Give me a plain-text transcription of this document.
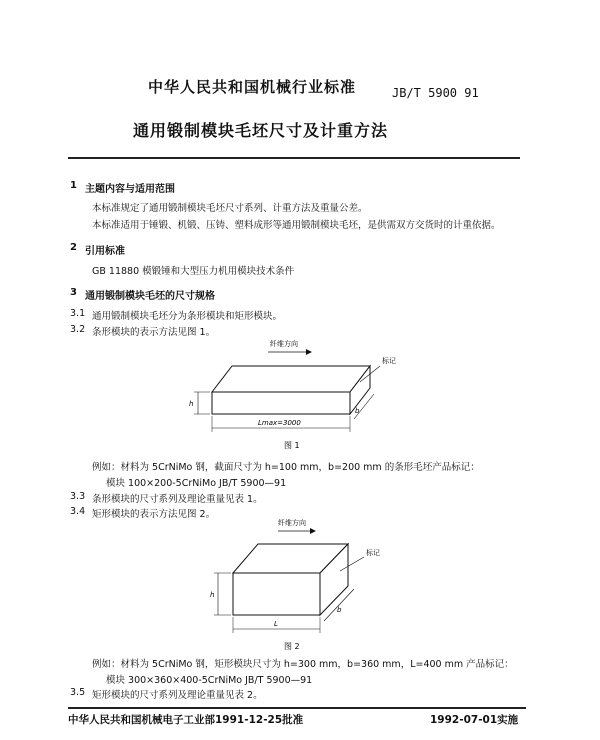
中华人民共和国机械行业标准	JB/T 5900 91
通用锻制模块毛坯尺寸及计重方法
1 主题内容与适用范围
本标准规定了通用锻制模块毛坯尺寸系列、计重方法及重量公差。
本标准适用于锤锻、机锻、压铸、塑料成形等通用锻制模块毛坯，是供需双方交货时的计重依据。
2 引用标准
GB 11880 模锻锤和大型压力机用模块技术条件
3 通用锻制模块毛坯的尺寸规格
3.1 通用锻制模块毛坯分为条形模块和矩形模块。
3.2 条形模块的表示方法见图 1。
纤维方向
标记
h
b
Lmax=3000
图 1
例如：材料为 5CrNiMo 钢，截面尺寸为 h=100 mm，b=200 mm 的条形毛坯产品标记：
模块 100×200-5CrNiMo JB/T 5900—91
3.3 条形模块的尺寸系列及理论重量见表 1。
3.4 矩形模块的表示方法见图 2。
纤维方向
标记
h
b
L
图 2
例如：材料为 5CrNiMo 钢，矩形模块尺寸为 h=300 mm，b=360 mm，L=400 mm 产品标记：
模块 300×360×400-5CrNiMo JB/T 5900—91
3.5 矩形模块的尺寸系列及理论重量见表 2。
中华人民共和国机械电子工业部1991-12-25批准	1992-07-01实施
